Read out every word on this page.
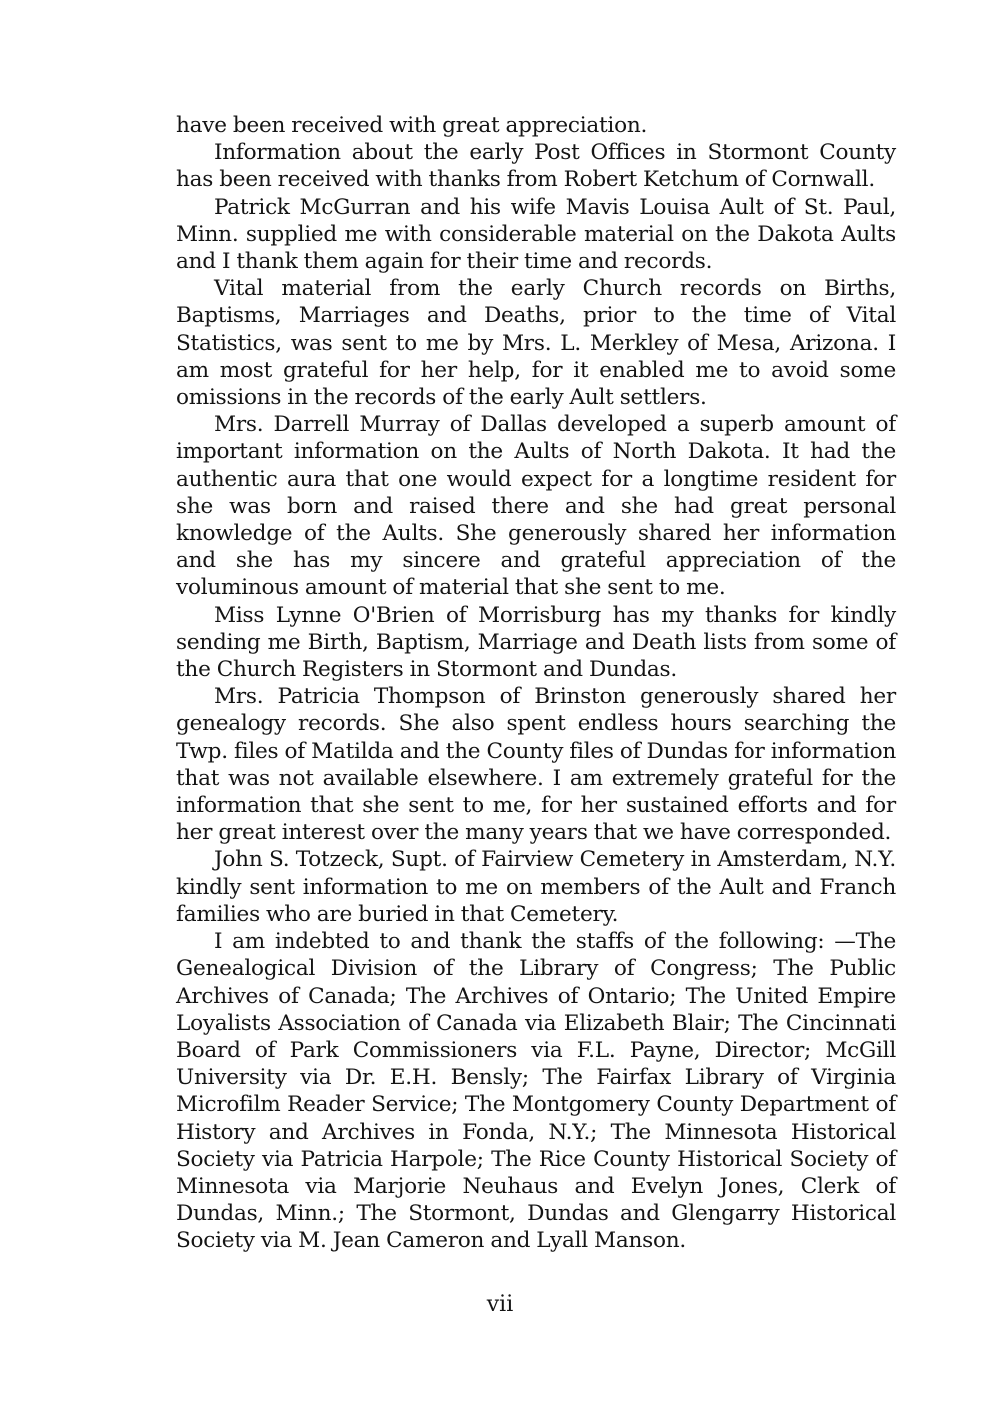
have been received with great appreciation.

Information about the early Post Offices in Stormont County has been received with thanks from Robert Ketchum of Cornwall.

Patrick McGurran and his wife Mavis Louisa Ault of St. Paul, Minn. supplied me with considerable material on the Dakota Aults and I thank them again for their time and records.

Vital material from the early Church records on Births, Baptisms, Marriages and Deaths, prior to the time of Vital Statistics, was sent to me by Mrs. L. Merkley of Mesa, Arizona. I am most grateful for her help, for it enabled me to avoid some omissions in the records of the early Ault settlers.

Mrs. Darrell Murray of Dallas developed a superb amount of important information on the Aults of North Dakota. It had the authentic aura that one would expect for a longtime resident for she was born and raised there and she had great personal knowledge of the Aults. She generously shared her information and she has my sincere and grateful appreciation of the voluminous amount of material that she sent to me.

Miss Lynne O'Brien of Morrisburg has my thanks for kindly sending me Birth, Baptism, Marriage and Death lists from some of the Church Registers in Stormont and Dundas.

Mrs. Patricia Thompson of Brinston generously shared her genealogy records. She also spent endless hours searching the Twp. files of Matilda and the County files of Dundas for information that was not available elsewhere. I am extremely grateful for the information that she sent to me, for her sustained efforts and for her great interest over the many years that we have corresponded.

John S. Totzeck, Supt. of Fairview Cemetery in Amsterdam, N.Y. kindly sent information to me on members of the Ault and Franch families who are buried in that Cemetery.

I am indebted to and thank the staffs of the following: —The Genealogical Division of the Library of Congress; The Public Archives of Canada; The Archives of Ontario; The United Empire Loyalists Association of Canada via Elizabeth Blair; The Cincinnati Board of Park Commissioners via F.L. Payne, Director; McGill University via Dr. E.H. Bensly; The Fairfax Library of Virginia Microfilm Reader Service; The Montgomery County Department of History and Archives in Fonda, N.Y.; The Minnesota Historical Society via Patricia Harpole; The Rice County Historical Society of Minnesota via Marjorie Neuhaus and Evelyn Jones, Clerk of Dundas, Minn.; The Stormont, Dundas and Glengarry Historical Society via M. Jean Cameron and Lyall Manson.

vii
